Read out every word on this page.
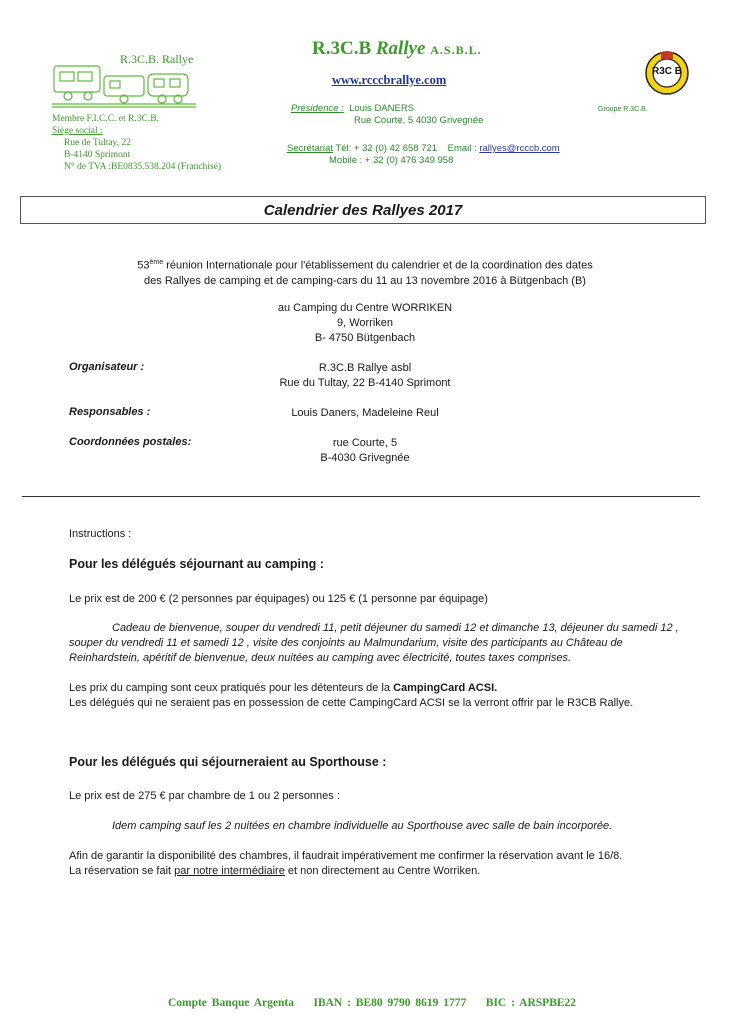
R.3C.B. Rallye
Membre F.I.C.C. et R.3C.B.
Siège social :
Rue de Tultay, 22
B-4140 Sprimont
N° de TVA :BE0835.538.204 (Franchisé)
R.3C.B Rallye A.S.B.L.
www.rcccbrallye.com
Présidence : Louis DANERS
Rue Courte, 5 4030 Grivegnée
Secrétariat Tél: + 32 (0) 42 658 721 Email : rallyes@rcccb.com
Mobile : + 32 (0) 476 349 958
R3C B
Groupe R.3C.B.
Calendrier des Rallyes 2017
53ème réunion Internationale pour l'établissement du calendrier et de la coordination des dates
des Rallyes de camping et de camping-cars du 11 au 13 novembre 2016 à Bütgenbach (B)
au Camping du Centre WORRIKEN
9, Worriken
B- 4750 Bütgenbach
Organisateur :	R.3C.B Rallye asbl
Rue du Tultay, 22 B-4140 Sprimont
Responsables :	Louis Daners, Madeleine Reul
Coordonnées postales:	rue Courte, 5
B-4030 Grivegnée
Instructions :
Pour les délégués séjournant au camping :
Le prix est de 200 € (2 personnes par équipages) ou 125 € (1 personne par équipage)
Cadeau de bienvenue, souper du vendredi 11, petit déjeuner du samedi 12 et dimanche 13, déjeuner du samedi 12 ,
souper du vendredi 11 et samedi 12 , visite des conjoints au Malmundarium, visite des participants au Château de
Reinhardstein, apéritif de bienvenue, deux nuitées au camping avec électricité, toutes taxes comprises.
Les prix du camping sont ceux pratiqués pour les détenteurs de la CampingCard ACSI.
Les délégués qui ne seraient pas en possession de cette CampingCard ACSI se la verront offrir par le R3CB Rallye.
Pour les délégués qui séjourneraient au Sporthouse :
Le prix est de 275 € par chambre de 1 ou 2 personnes :
Idem camping sauf les 2 nuitées en chambre individuelle au Sporthouse avec salle de bain incorporée.
Afin de garantir la disponibilité des chambres, il faudrait impérativement me confirmer la réservation avant le 16/8.
La réservation se fait par notre intermédiaire et non directement au Centre Worriken.
Compte Banque Argenta IBAN : BE80 9790 8619 1777 BIC : ARSPBE22
